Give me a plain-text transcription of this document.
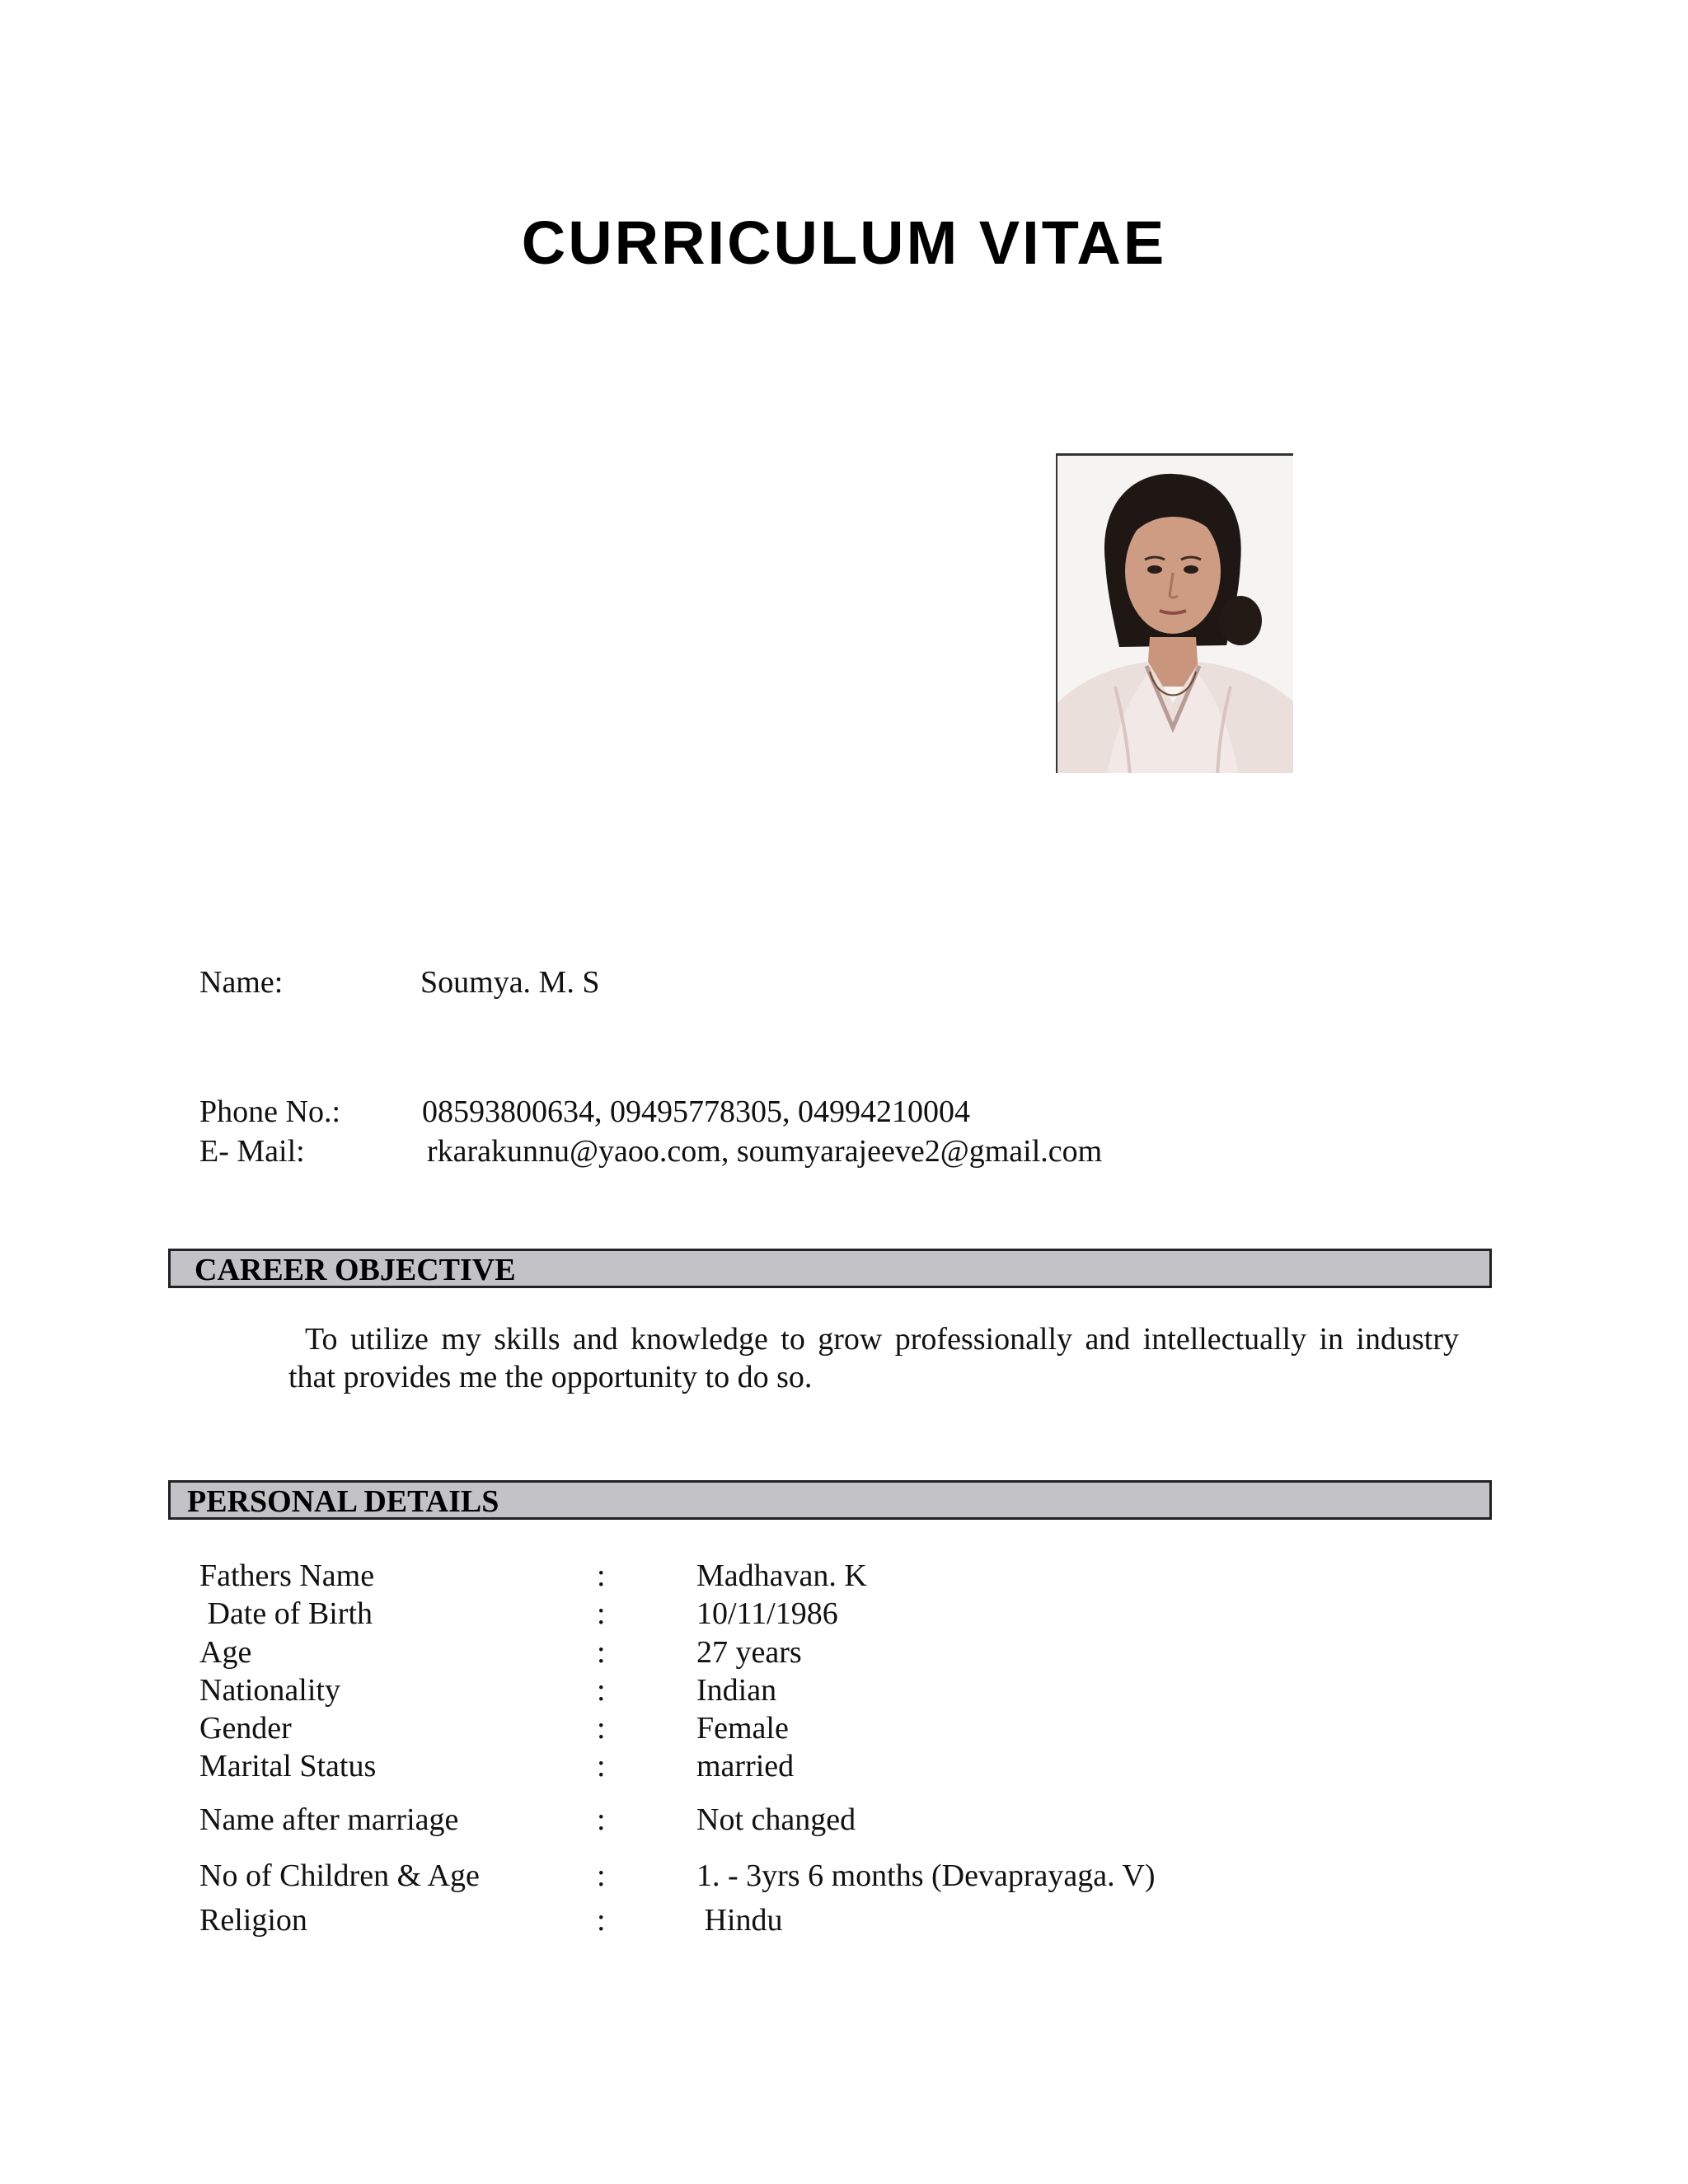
CURRICULUM VITAE
Name:	Soumya. M. S
Phone No.:	08593800634, 09495778305, 04994210004
E- Mail:	rkarakunnu@yaoo.com, soumyarajeeve2@gmail.com
CAREER OBJECTIVE
To utilize my skills and knowledge to grow professionally and intellectually in industry
that provides me the opportunity to do so.
PERSONAL DETAILS
Fathers Name	:	Madhavan. K
Date of Birth	:	10/11/1986
Age	:	27 years
Nationality	:	Indian
Gender	:	Female
Marital Status	:	married
Name after marriage	:	Not changed
No of Children & Age	:	1. - 3yrs 6 months (Devaprayaga. V)
Religion	:	Hindu
